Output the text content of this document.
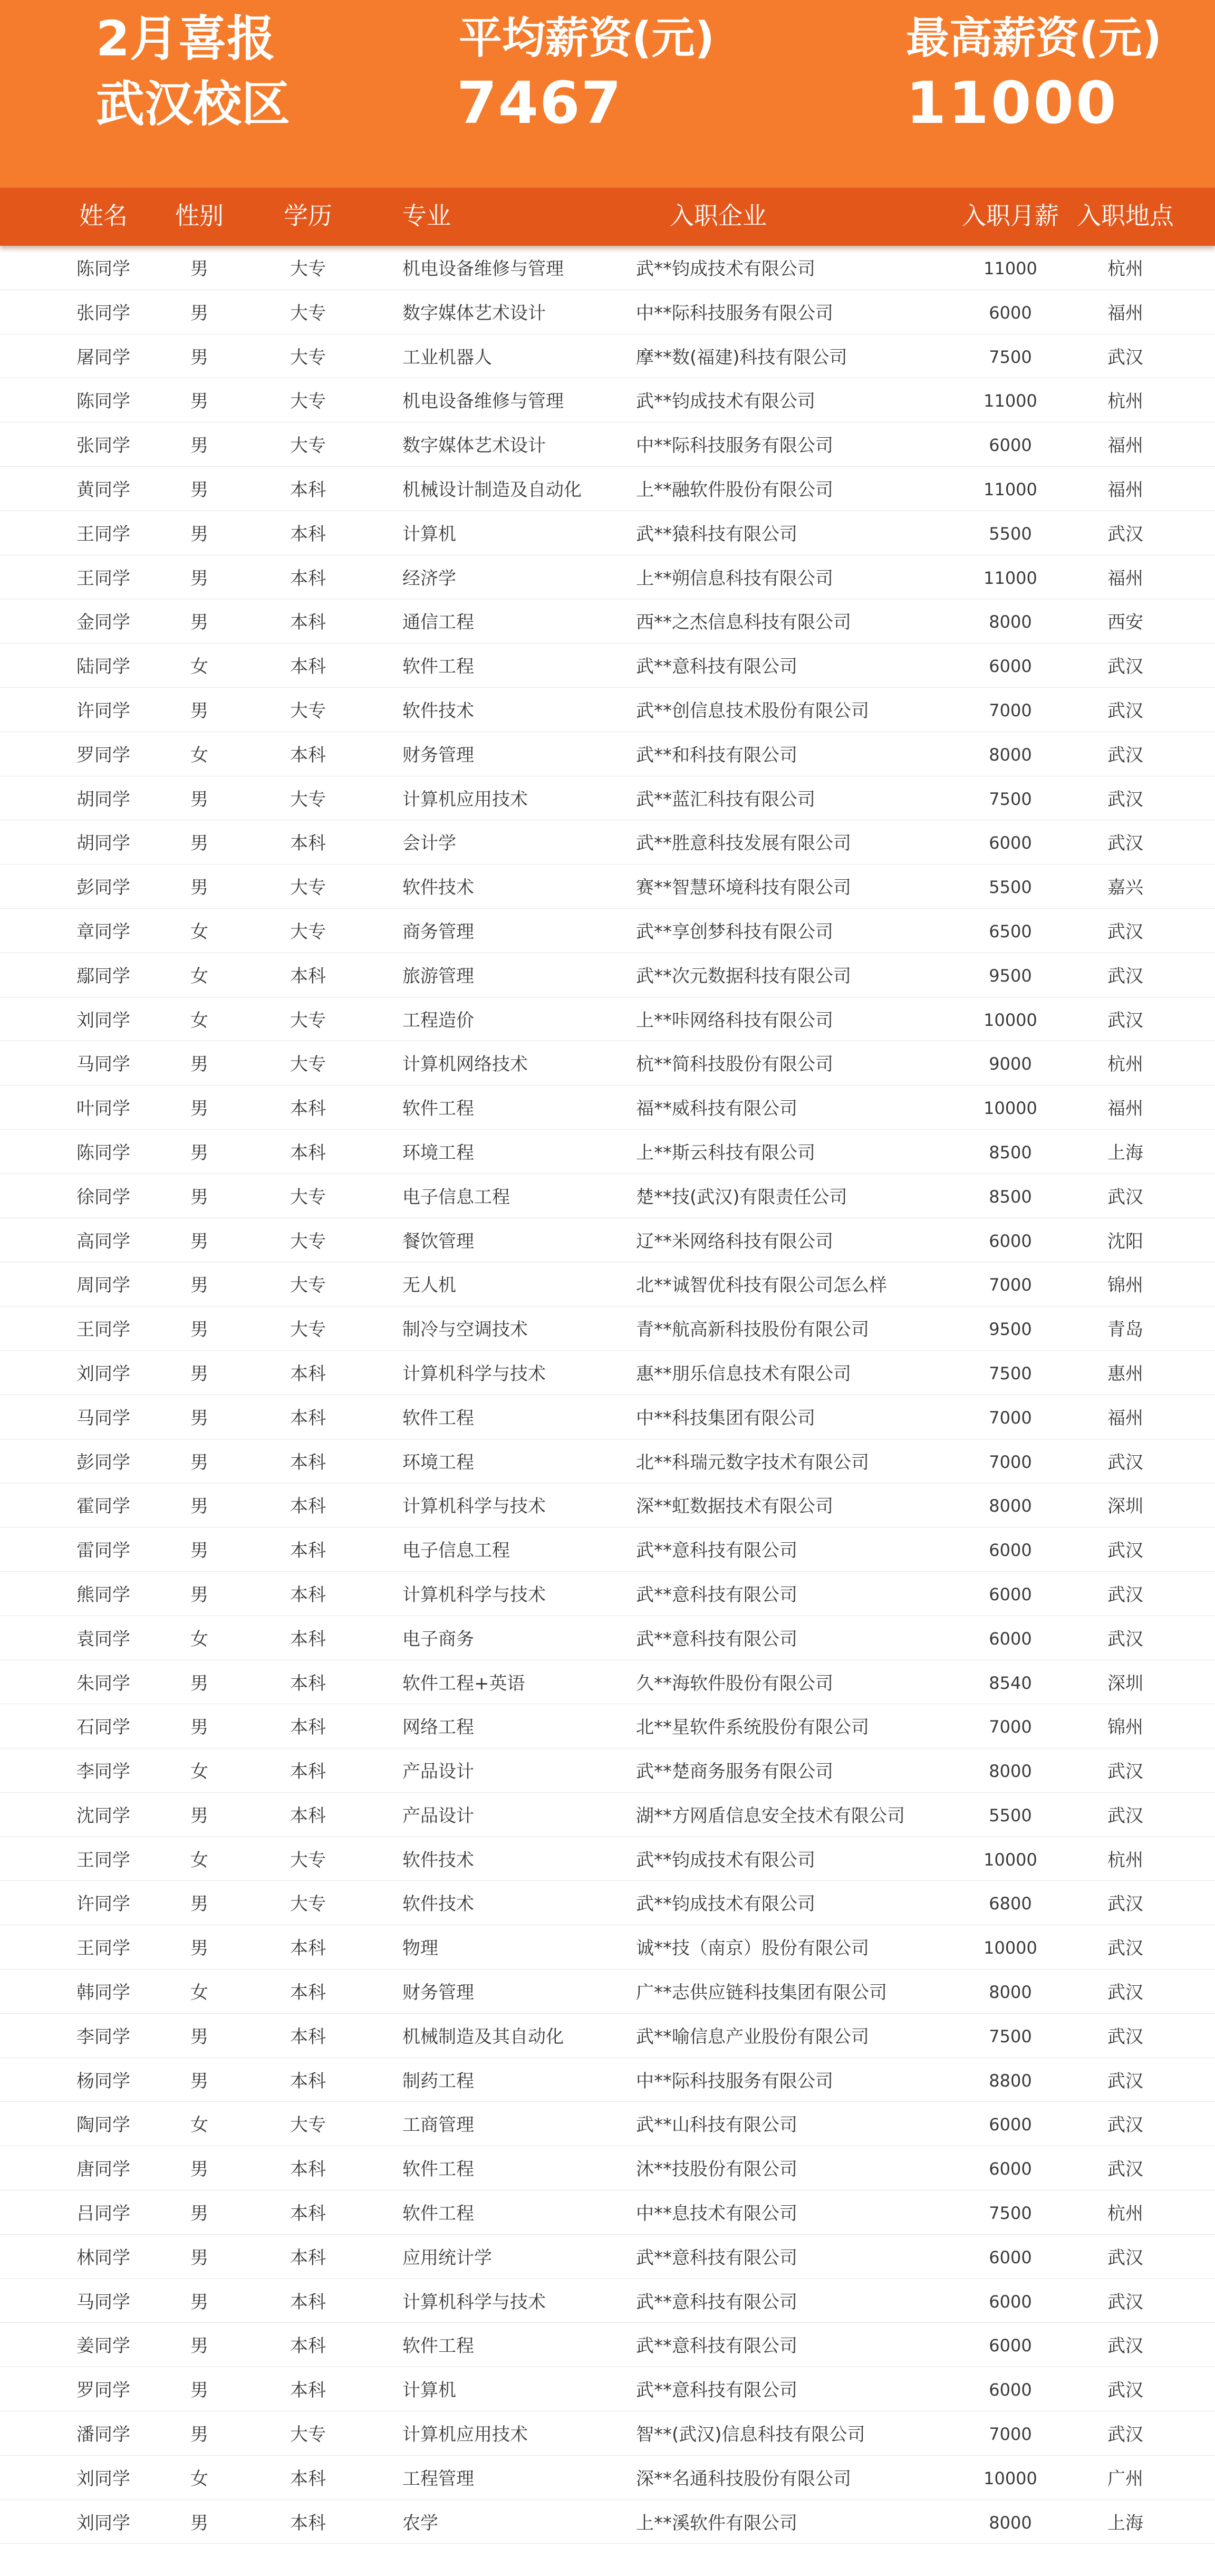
2月喜报
武汉校区
平均薪资(元)
7467
最高薪资(元)
11000
姓名 性别 学历	专业	入职企业	入职月薪 入职地点
陈同学	男	大专	机电设备维修与管理	武**钧成技术有限公司	11000	杭州
张同学	男	大专	数字媒体艺术设计	中**际科技服务有限公司	6000	福州
屠同学	男	大专	工业机器人	摩**数(福建)科技有限公司	7500	武汉
陈同学	男	大专	机电设备维修与管理	武**钧成技术有限公司	11000	杭州
张同学	男	大专	数字媒体艺术设计	中**际科技服务有限公司	6000	福州
黄同学	男	本科	机械设计制造及自动化	上**融软件股份有限公司	11000	福州
王同学	男	本科	计算机	武**猿科技有限公司	5500	武汉
王同学	男	本科	经济学	上**朔信息科技有限公司	11000	福州
金同学	男	本科	通信工程	西**之杰信息科技有限公司	8000	西安
陆同学	女	本科	软件工程	武**意科技有限公司	6000	武汉
许同学	男	大专	软件技术	武**创信息技术股份有限公司	7000	武汉
罗同学	女	本科	财务管理	武**和科技有限公司	8000	武汉
胡同学	男	大专	计算机应用技术	武**蓝汇科技有限公司	7500	武汉
胡同学	男	本科	会计学	武**胜意科技发展有限公司	6000	武汉
彭同学	男	大专	软件技术	赛**智慧环境科技有限公司	5500	嘉兴
章同学	女	大专	商务管理	武**享创梦科技有限公司	6500	武汉
鄢同学	女	本科	旅游管理	武**次元数据科技有限公司	9500	武汉
刘同学	女	大专	工程造价	上**咔网络科技有限公司	10000	武汉
马同学	男	大专	计算机网络技术	杭**简科技股份有限公司	9000	杭州
叶同学	男	本科	软件工程	福**威科技有限公司	10000	福州
陈同学	男	本科	环境工程	上**斯云科技有限公司	8500	上海
徐同学	男	大专	电子信息工程	楚**技(武汉)有限责任公司	8500	武汉
高同学	男	大专	餐饮管理	辽**米网络科技有限公司	6000	沈阳
周同学	男	大专	无人机	北**诚智优科技有限公司怎么样	7000	锦州
王同学	男	大专	制冷与空调技术	青**航高新科技股份有限公司	9500	青岛
刘同学	男	本科	计算机科学与技术	惠**朋乐信息技术有限公司	7500	惠州
马同学	男	本科	软件工程	中**科技集团有限公司	7000	福州
彭同学	男	本科	环境工程	北**科瑞元数字技术有限公司	7000	武汉
霍同学	男	本科	计算机科学与技术	深**虹数据技术有限公司	8000	深圳
雷同学	男	本科	电子信息工程	武**意科技有限公司	6000	武汉
熊同学	男	本科	计算机科学与技术	武**意科技有限公司	6000	武汉
袁同学	女	本科	电子商务	武**意科技有限公司	6000	武汉
朱同学	男	本科	软件工程+英语	久**海软件股份有限公司	8540	深圳
石同学	男	本科	网络工程	北**星软件系统股份有限公司	7000	锦州
李同学	女	本科	产品设计	武**楚商务服务有限公司	8000	武汉
沈同学	男	本科	产品设计	湖**方网盾信息安全技术有限公司	5500	武汉
王同学	女	大专	软件技术	武**钧成技术有限公司	10000	杭州
许同学	男	大专	软件技术	武**钧成技术有限公司	6800	武汉
王同学	男	本科	物理	诚**技（南京）股份有限公司	10000	武汉
韩同学	女	本科	财务管理	广**志供应链科技集团有限公司	8000	武汉
李同学	男	本科	机械制造及其自动化	武**喻信息产业股份有限公司	7500	武汉
杨同学	男	本科	制药工程	中**际科技服务有限公司	8800	武汉
陶同学	女	大专	工商管理	武**山科技有限公司	6000	武汉
唐同学	男	本科	软件工程	沐**技股份有限公司	6000	武汉
吕同学	男	本科	软件工程	中**息技术有限公司	7500	杭州
林同学	男	本科	应用统计学	武**意科技有限公司	6000	武汉
马同学	男	本科	计算机科学与技术	武**意科技有限公司	6000	武汉
姜同学	男	本科	软件工程	武**意科技有限公司	6000	武汉
罗同学	男	本科	计算机	武**意科技有限公司	6000	武汉
潘同学	男	大专	计算机应用技术	智**(武汉)信息科技有限公司	7000	武汉
刘同学	女	本科	工程管理	深**名通科技股份有限公司	10000	广州
刘同学	男	本科	农学	上**溪软件有限公司	8000	上海
